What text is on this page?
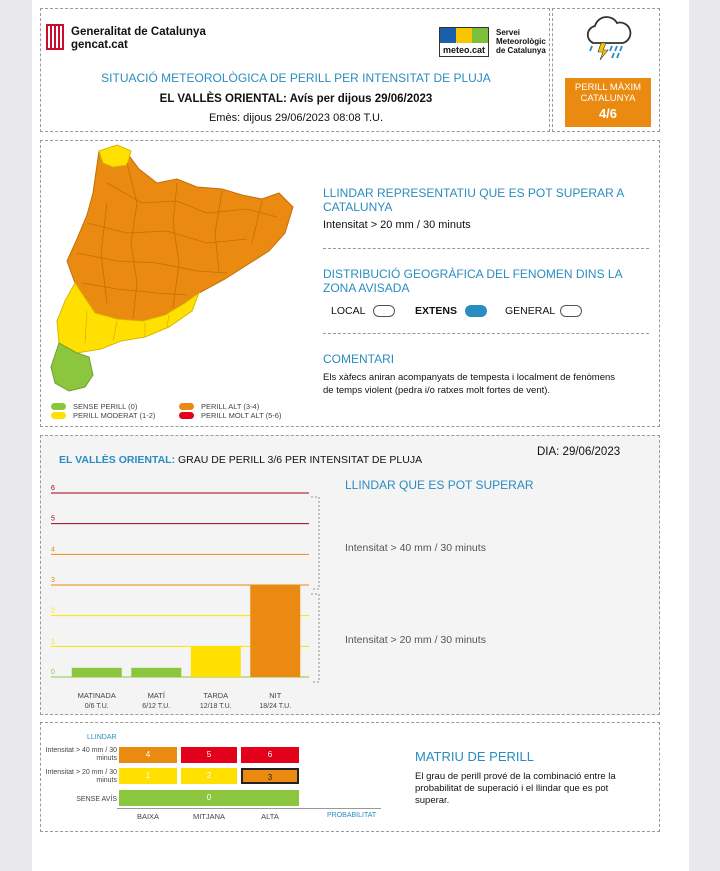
Generalitat de Catalunya
gencat.cat	meteo.cat
Servei
Meteorològic
de Catalunya
SITUACIÓ METEOROLÒGICA DE PERILL PER INTENSITAT DE PLUJA
EL VALLÈS ORIENTAL: Avís per dijous 29/06/2023
Emès: dijous 29/06/2023 08:08 T.U.
PERILL MÀXIM
CATALUNYA
4/6
SENSE PERILL (0)
PERILL MODERAT (1-2)
PERILL ALT (3-4)
PERILL MOLT ALT (5-6)
LLINDAR REPRESENTATIU QUE ES POT SUPERAR A CATALUNYA
Intensitat > 20 mm / 30 minuts
DISTRIBUCIÓ GEOGRÀFICA DEL FENOMEN DINS LA ZONA AVISADA
LOCAL	EXTENS	GENERAL
COMENTARI
Els xàfecs aniran acompanyats de tempesta i localment de fenòmens de temps violent (pedra i/o ratxes molt fortes de vent).
EL VALLÈS ORIENTAL: GRAU DE PERILL 3/6 PER INTENSITAT DE PLUJA
DIA: 29/06/2023
0
1
2
3
4
5
6
MATINADA
0/6 T.U.
MATÍ
6/12 T.U.
TARDA
12/18 T.U.
NIT
18/24 T.U.
LLINDAR QUE ES POT SUPERAR
Intensitat > 40 mm / 30 minuts
Intensitat > 20 mm / 30 minuts
LLINDAR
Intensitat > 40 mm / 30 minuts
Intensitat > 20 mm / 30 minuts
SENSE AVÍS
4	5	6
1	2	3
0
BAIXA	MITJANA	ALTA	PROBABILITAT
MATRIU DE PERILL
El grau de perill prové de la combinació entre la probabilitat de superació i el llindar que es pot superar.
